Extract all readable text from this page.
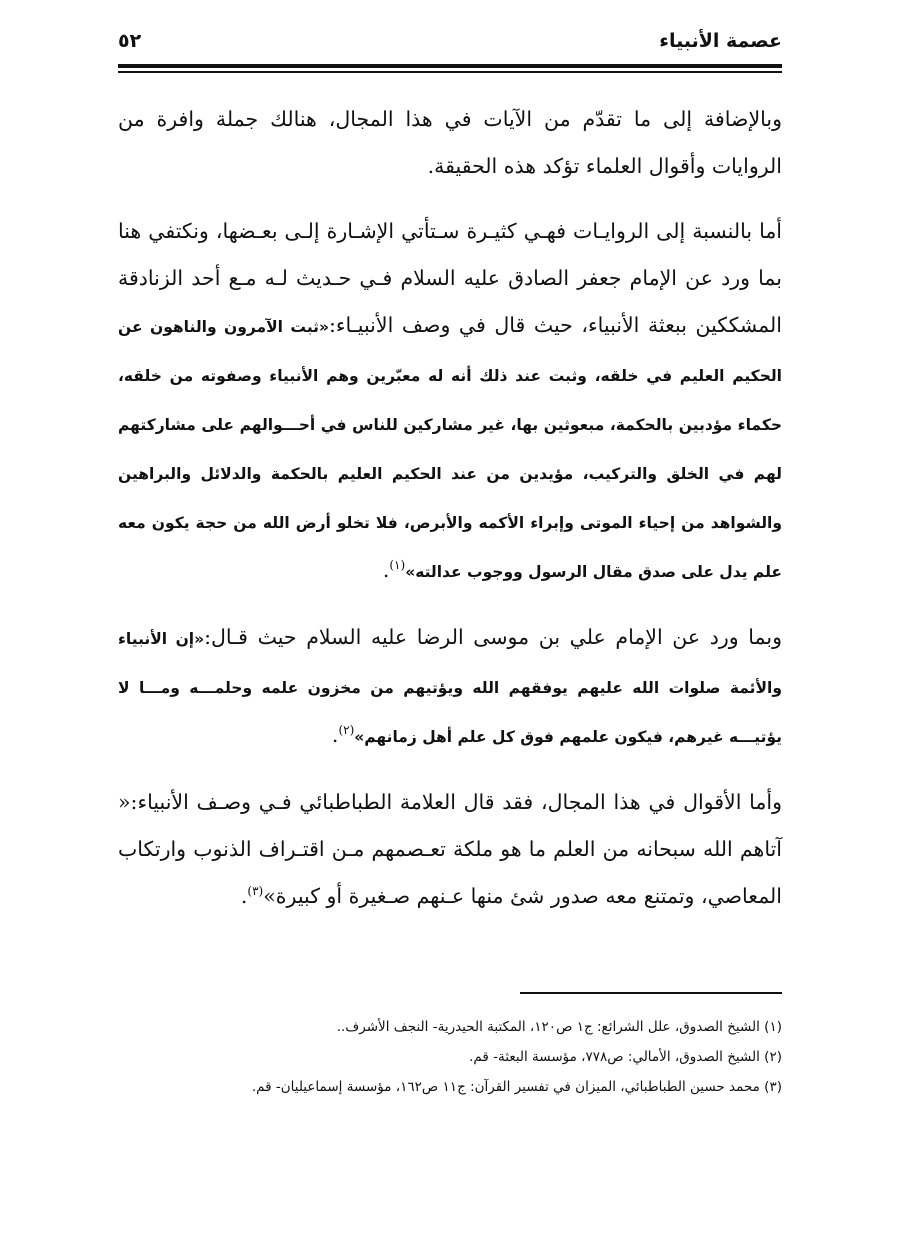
عصمة الأنبياء
٥٢

وبالإضافة إلى ما تقدّم من الآيات في هذا المجال، هنالك جملة وافرة من الروايات وأقوال العلماء تؤكد هذه الحقيقة.

أما بالنسبة إلى الروايـات فهـي كثيـرة سـتأتي الإشـارة إلـى بعـضها، ونكتفي هنا بما ورد عن الإمام جعفر الصادق عليه السلام فـي حـديث لـه مـع أحد الزنادقة المشككين ببعثة الأنبياء، حيث قال في وصف الأنبيـاء:«ثبت الآمرون والناهون عن الحكيم العليم في خلقه، وثبت عند ذلك أنه له معبّرين وهم الأنبياء وصفوته من خلقه، حكماء مؤدبين بالحكمة، مبعوثين بها، غير مشاركين للناس في أحـــوالهم على مشاركتهم لهم في الخلق والتركيب، مؤيدين من عند الحكيم العليم بالحكمة والدلائل والبراهين والشواهد من إحياء الموتى وإبراء الأكمه والأبرص، فلا تخلو أرض الله من حجة يكون معه علم يدل على صدق مقال الرسول ووجوب عدالته»$^{(١)}$.

وبما ورد عن الإمام علي بن موسى الرضا عليه السلام حيث قـال:«إن الأنبياء والأئمة صلوات الله عليهم يوفقهم الله ويؤتيهم من مخزون علمه وحلمـــه ومـــا لا يؤتيـــه غيرهم، فيكون علمهم فوق كل علم أهل زمانهم»$^{(٢)}$.

وأما الأقوال في هذا المجال، فقد قال العلامة الطباطبائي فـي وصـف الأنبياء:« آتاهم الله سبحانه من العلم ما هو ملكة تعـصمهم مـن اقتـراف الذنوب وارتكاب المعاصي، وتمتنع معه صدور شئ منها عـنهم صـغيرة أو كبيرة»$^{(٣)}$.

(١) الشيخ الصدوق، علل الشرائع: ج١ ص١٢٠، المكتبة الحيدرية- النجف الأشرف..
(٢) الشيخ الصدوق، الأمالي: ص٧٧٨، مؤسسة البعثة- قم.
(٣) محمد حسين الطباطبائي، الميزان في تفسير القرآن: ج١١ ص١٦٢، مؤسسة إسماعيليان- قم.
